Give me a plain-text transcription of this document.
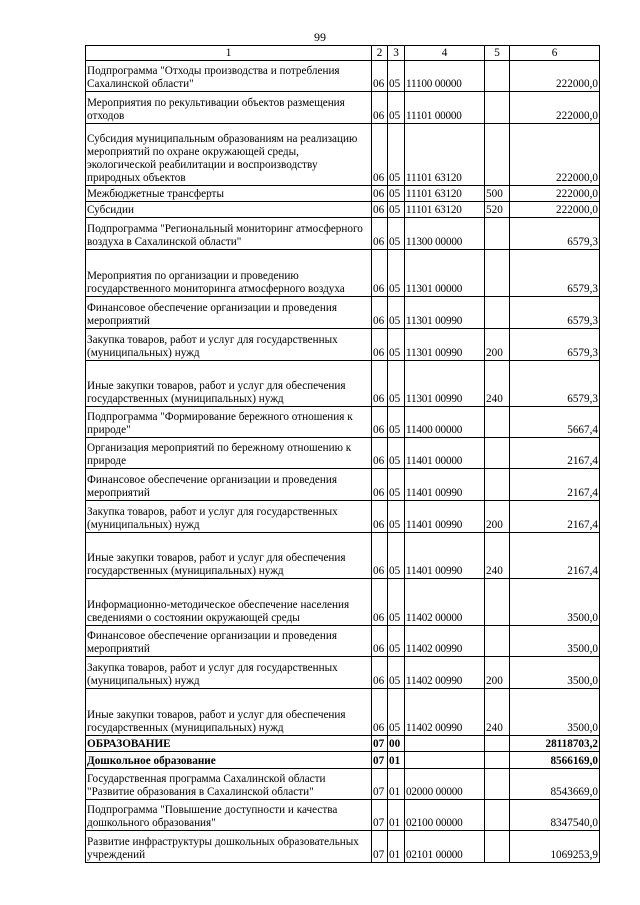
99
1	2	3	4	5	6
Подпрограмма "Отходы производства и потребления Сахалинской области"	06	05	11100 00000		222000,0
Мероприятия по рекультивации объектов размещения отходов	06	05	11101 00000		222000,0
Субсидия муниципальным образованиям на реализацию мероприятий по охране окружающей среды, экологической реабилитации и воспроизводству природных объектов	06	05	11101 63120		222000,0
Межбюджетные трансферты	06	05	11101 63120	500	222000,0
Субсидии	06	05	11101 63120	520	222000,0
Подпрограмма "Региональный мониторинг атмосферного воздуха в Сахалинской области"	06	05	11300 00000		6579,3
Мероприятия по организации и проведению государственного мониторинга атмосферного воздуха	06	05	11301 00000		6579,3
Финансовое обеспечение организации и проведения мероприятий	06	05	11301 00990		6579,3
Закупка товаров, работ и услуг для государственных (муниципальных) нужд	06	05	11301 00990	200	6579,3
Иные закупки товаров, работ и услуг для обеспечения государственных (муниципальных) нужд	06	05	11301 00990	240	6579,3
Подпрограмма "Формирование бережного отношения к природе"	06	05	11400 00000		5667,4
Организация мероприятий по бережному отношению к природе	06	05	11401 00000		2167,4
Финансовое обеспечение организации и проведения мероприятий	06	05	11401 00990		2167,4
Закупка товаров, работ и услуг для государственных (муниципальных) нужд	06	05	11401 00990	200	2167,4
Иные закупки товаров, работ и услуг для обеспечения государственных (муниципальных) нужд	06	05	11401 00990	240	2167,4
Информационно-методическое обеспечение населения сведениями о состоянии окружающей среды	06	05	11402 00000		3500,0
Финансовое обеспечение организации и проведения мероприятий	06	05	11402 00990		3500,0
Закупка товаров, работ и услуг для государственных (муниципальных) нужд	06	05	11402 00990	200	3500,0
Иные закупки товаров, работ и услуг для обеспечения государственных (муниципальных) нужд	06	05	11402 00990	240	3500,0
ОБРАЗОВАНИЕ	07	00			28118703,2
Дошкольное образование	07	01			8566169,0
Государственная программа Сахалинской области "Развитие образования в Сахалинской области"	07	01	02000 00000		8543669,0
Подпрограмма "Повышение доступности и качества дошкольного образования"	07	01	02100 00000		8347540,0
Развитие инфраструктуры дошкольных образовательных учреждений	07	01	02101 00000		1069253,9
